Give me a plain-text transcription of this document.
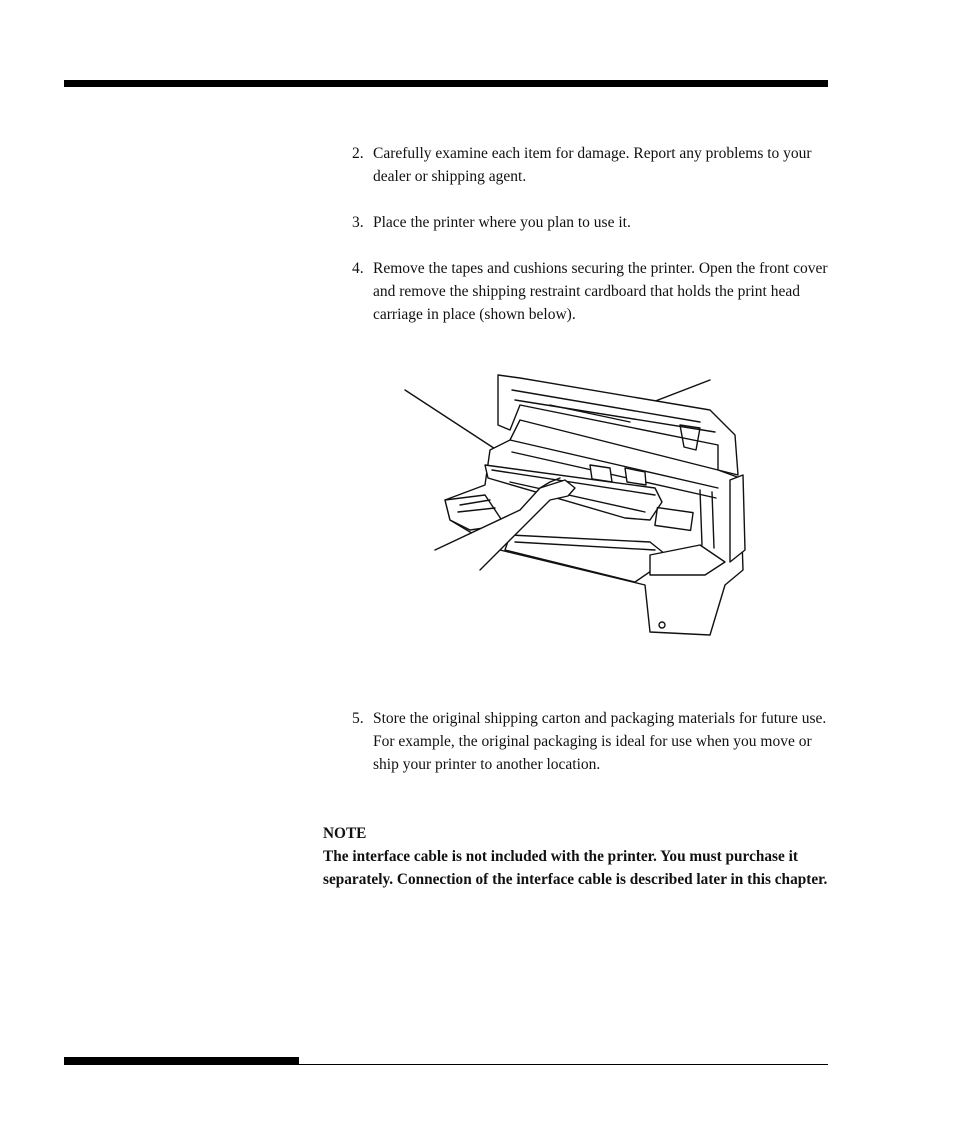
2. Carefully examine each item for damage. Report any problems to your dealer or shipping agent.
3. Place the printer where you plan to use it.
4. Remove the tapes and cushions securing the printer. Open the front cover and remove the shipping restraint cardboard that holds the print head carriage in place (shown below).
5. Store the original shipping carton and packaging materials for future use. For example, the original packaging is ideal for use when you move or ship your printer to another location.
NOTE
The interface cable is not included with the printer. You must purchase it separately. Connection of the interface cable is described later in this chapter.
